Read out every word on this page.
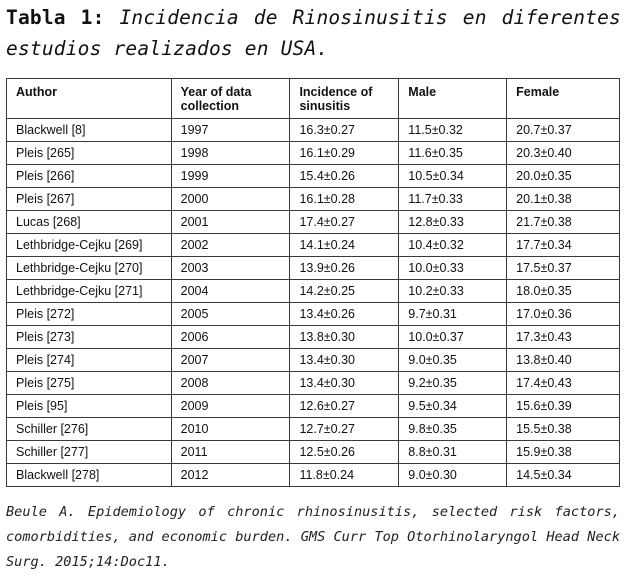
Tabla 1: Incidencia de Rinosinusitis en diferentes estudios realizados en USA.

Author	Year of data collection	Incidence of sinusitis	Male	Female
Blackwell [8]	1997	16.3±0.27	11.5±0.32	20.7±0.37
Pleis [265]	1998	16.1±0.29	11.6±0.35	20.3±0.40
Pleis [266]	1999	15.4±0.26	10.5±0.34	20.0±0.35
Pleis [267]	2000	16.1±0.28	11.7±0.33	20.1±0.38
Lucas [268]	2001	17.4±0.27	12.8±0.33	21.7±0.38
Lethbridge-Cejku [269]	2002	14.1±0.24	10.4±0.32	17.7±0.34
Lethbridge-Cejku [270]	2003	13.9±0.26	10.0±0.33	17.5±0.37
Lethbridge-Cejku [271]	2004	14.2±0.25	10.2±0.33	18.0±0.35
Pleis [272]	2005	13.4±0.26	9.7±0.31	17.0±0.36
Pleis [273]	2006	13.8±0.30	10.0±0.37	17.3±0.43
Pleis [274]	2007	13.4±0.30	9.0±0.35	13.8±0.40
Pleis [275]	2008	13.4±0.30	9.2±0.35	17.4±0.43
Pleis [95]	2009	12.6±0.27	9.5±0.34	15.6±0.39
Schiller [276]	2010	12.7±0.27	9.8±0.35	15.5±0.38
Schiller [277]	2011	12.5±0.26	8.8±0.31	15.9±0.38
Blackwell [278]	2012	11.8±0.24	9.0±0.30	14.5±0.34

Beule A. Epidemiology of chronic rhinosinusitis, selected risk factors, comorbidities, and economic burden. GMS Curr Top Otorhinolaryngol Head Neck Surg. 2015;14:Doc11.
